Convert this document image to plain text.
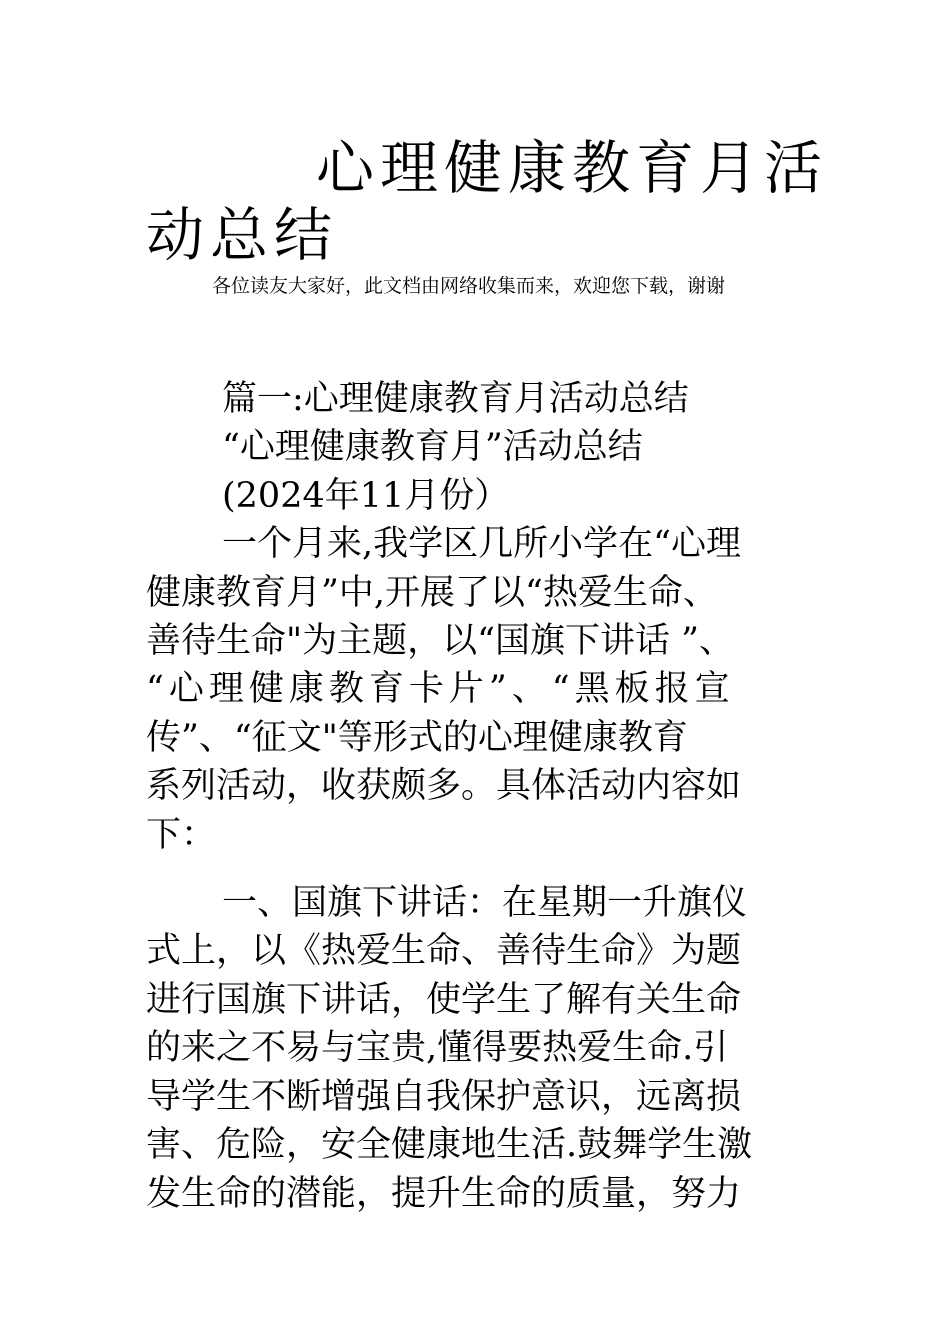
心理健康教育月活
动总结
各位读友大家好，此文档由网络收集而来，欢迎您下载，谢谢
篇一:心理健康教育月活动总结
“心理健康教育月”活动总结
(2024年11月份）
一个月来,我学区几所小学在“心理
健康教育月”中,开展了以“热爱生命、
善待生命"为主题，以“国旗下讲话 ”、
“心理健康教育卡片”、“黑板报宣
传”、“征文"等形式的心理健康教育
系列活动，收获颇多。具体活动内容如
下：
一、国旗下讲话：在星期一升旗仪
式上，以《热爱生命、善待生命》为题
进行国旗下讲话，使学生了解有关生命
的来之不易与宝贵,懂得要热爱生命.引
导学生不断增强自我保护意识，远离损
害、危险，安全健康地生活.鼓舞学生激
发生命的潜能，提升生命的质量，努力
